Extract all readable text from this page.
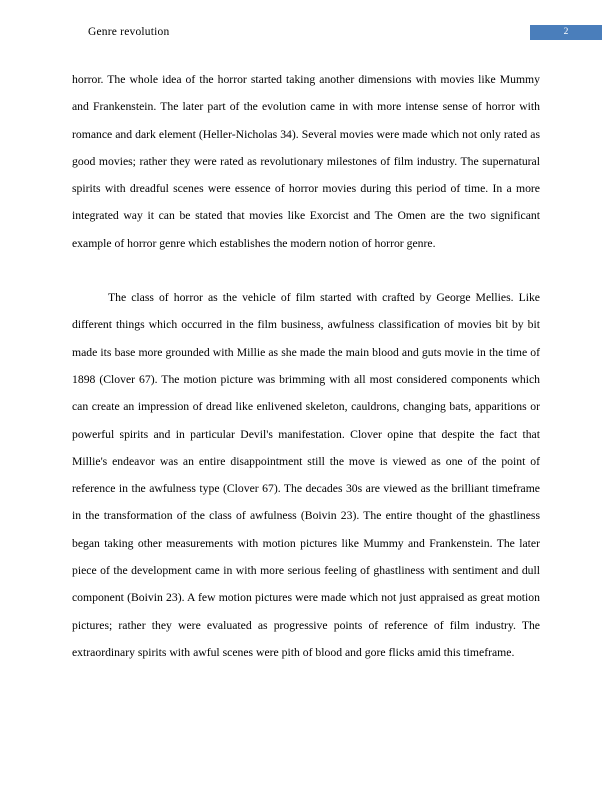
Genre revolution	2

horror. The whole idea of the horror started taking another dimensions with movies like Mummy and Frankenstein. The later part of the evolution came in with more intense sense of horror with romance and dark element (Heller-Nicholas 34). Several movies were made which not only rated as good movies; rather they were rated as revolutionary milestones of film industry. The supernatural spirits with dreadful scenes were essence of horror movies during this period of time. In a more integrated way it can be stated that movies like Exorcist and The Omen are the two significant example of horror genre which establishes the modern notion of horror genre.

The class of horror as the vehicle of film started with crafted by George Mellies. Like different things which occurred in the film business, awfulness classification of movies bit by bit made its base more grounded with Millie as she made the main blood and guts movie in the time of 1898 (Clover 67). The motion picture was brimming with all most considered components which can create an impression of dread like enlivened skeleton, cauldrons, changing bats, apparitions or powerful spirits and in particular Devil's manifestation. Clover opine that despite the fact that Millie's endeavor was an entire disappointment still the move is viewed as one of the point of reference in the awfulness type (Clover 67). The decades 30s are viewed as the brilliant timeframe in the transformation of the class of awfulness (Boivin 23). The entire thought of the ghastliness began taking other measurements with motion pictures like Mummy and Frankenstein. The later piece of the development came in with more serious feeling of ghastliness with sentiment and dull component (Boivin 23). A few motion pictures were made which not just appraised as great motion pictures; rather they were evaluated as progressive points of reference of film industry. The extraordinary spirits with awful scenes were pith of blood and gore flicks amid this timeframe.
